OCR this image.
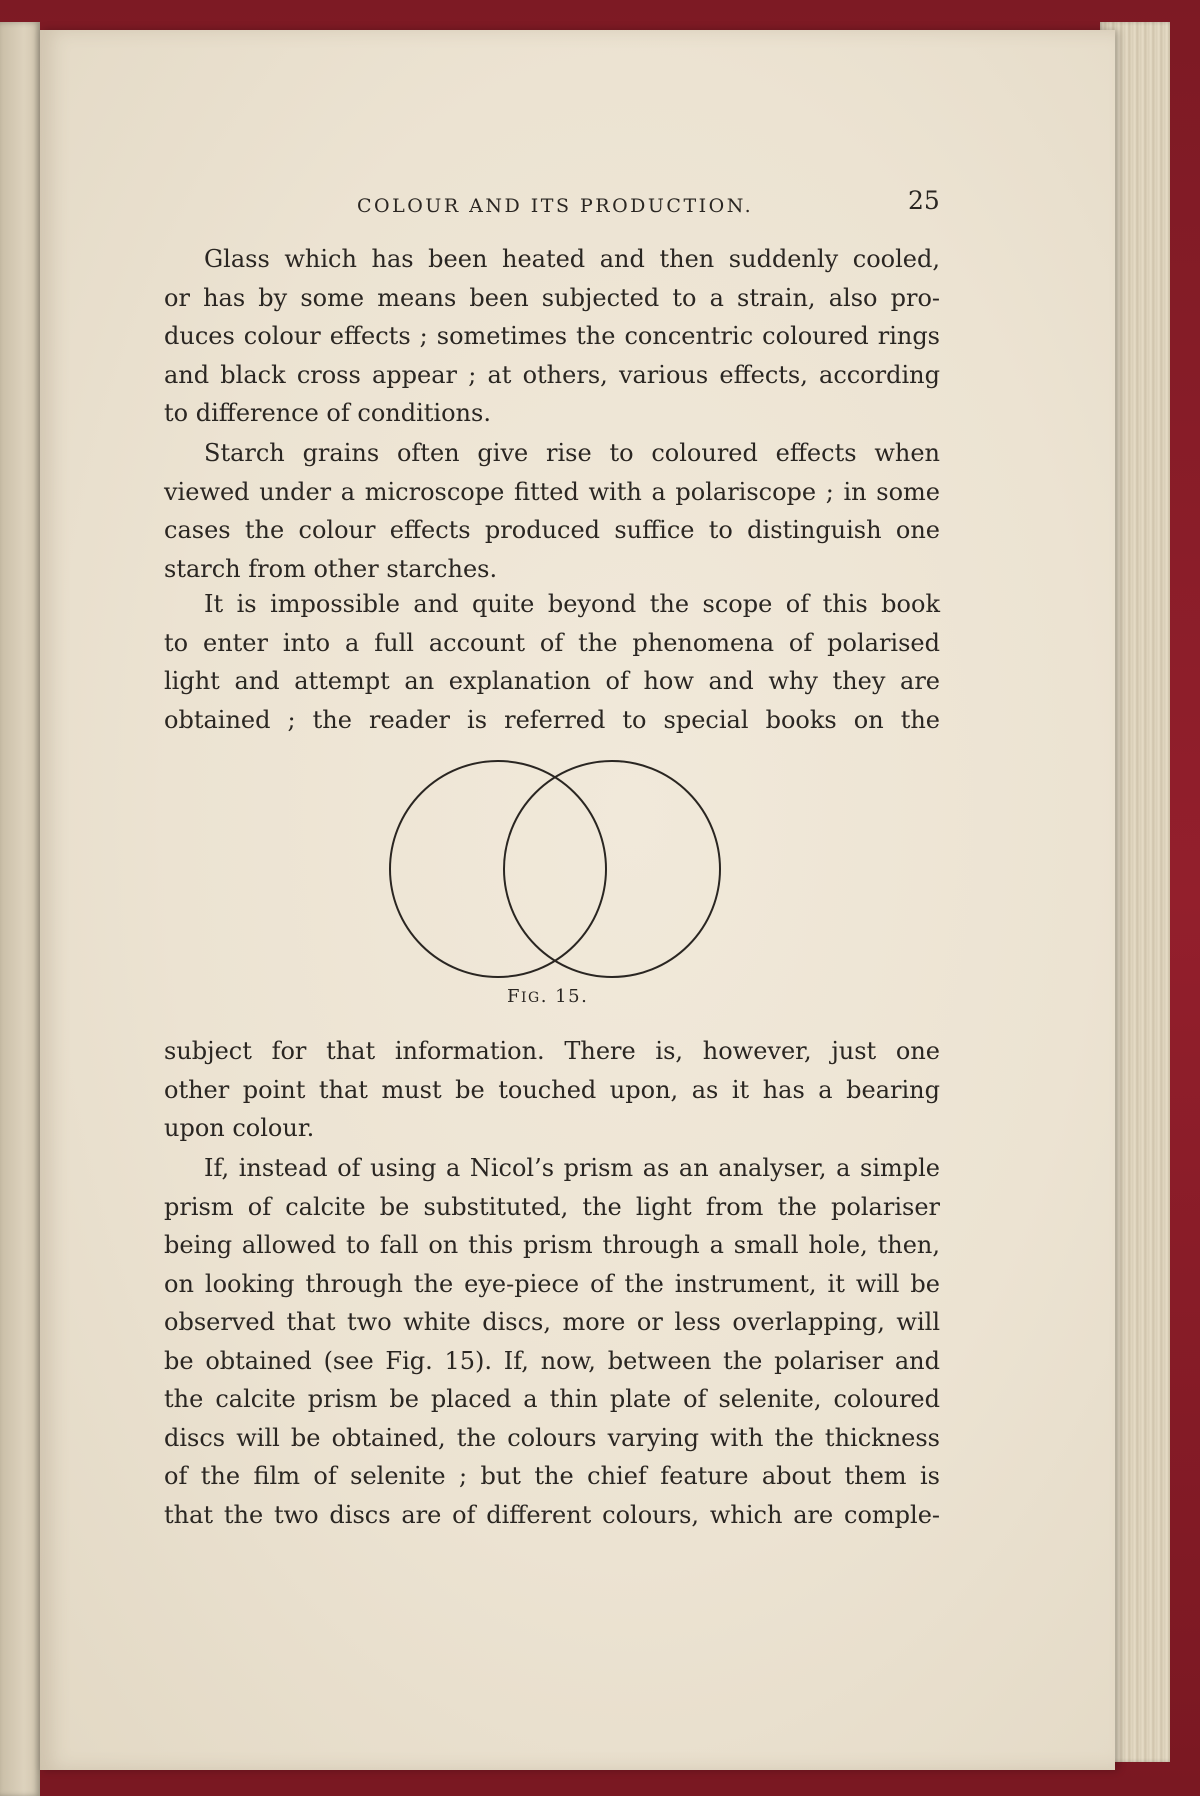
COLOUR AND ITS PRODUCTION.	25
Glass which has been heated and then suddenly cooled,
or has by some means been subjected to a strain, also pro-
duces colour effects ; sometimes the concentric coloured rings
and black cross appear ; at others, various effects, according
to difference of conditions.
Starch grains often give rise to coloured effects when
viewed under a microscope fitted with a polariscope ; in some
cases the colour effects produced suffice to distinguish one
starch from other starches.
It is impossible and quite beyond the scope of this book
to enter into a full account of the phenomena of polarised
light and attempt an explanation of how and why they are
obtained ; the reader is referred to special books on the
FIG. 15.
subject for that information. There is, however, just one
other point that must be touched upon, as it has a bearing
upon colour.
If, instead of using a Nicol’s prism as an analyser, a simple
prism of calcite be substituted, the light from the polariser
being allowed to fall on this prism through a small hole, then,
on looking through the eye-piece of the instrument, it will be
observed that two white discs, more or less overlapping, will
be obtained (see Fig. 15). If, now, between the polariser and
the calcite prism be placed a thin plate of selenite, coloured
discs will be obtained, the colours varying with the thickness
of the film of selenite ; but the chief feature about them is
that the two discs are of different colours, which are comple-
